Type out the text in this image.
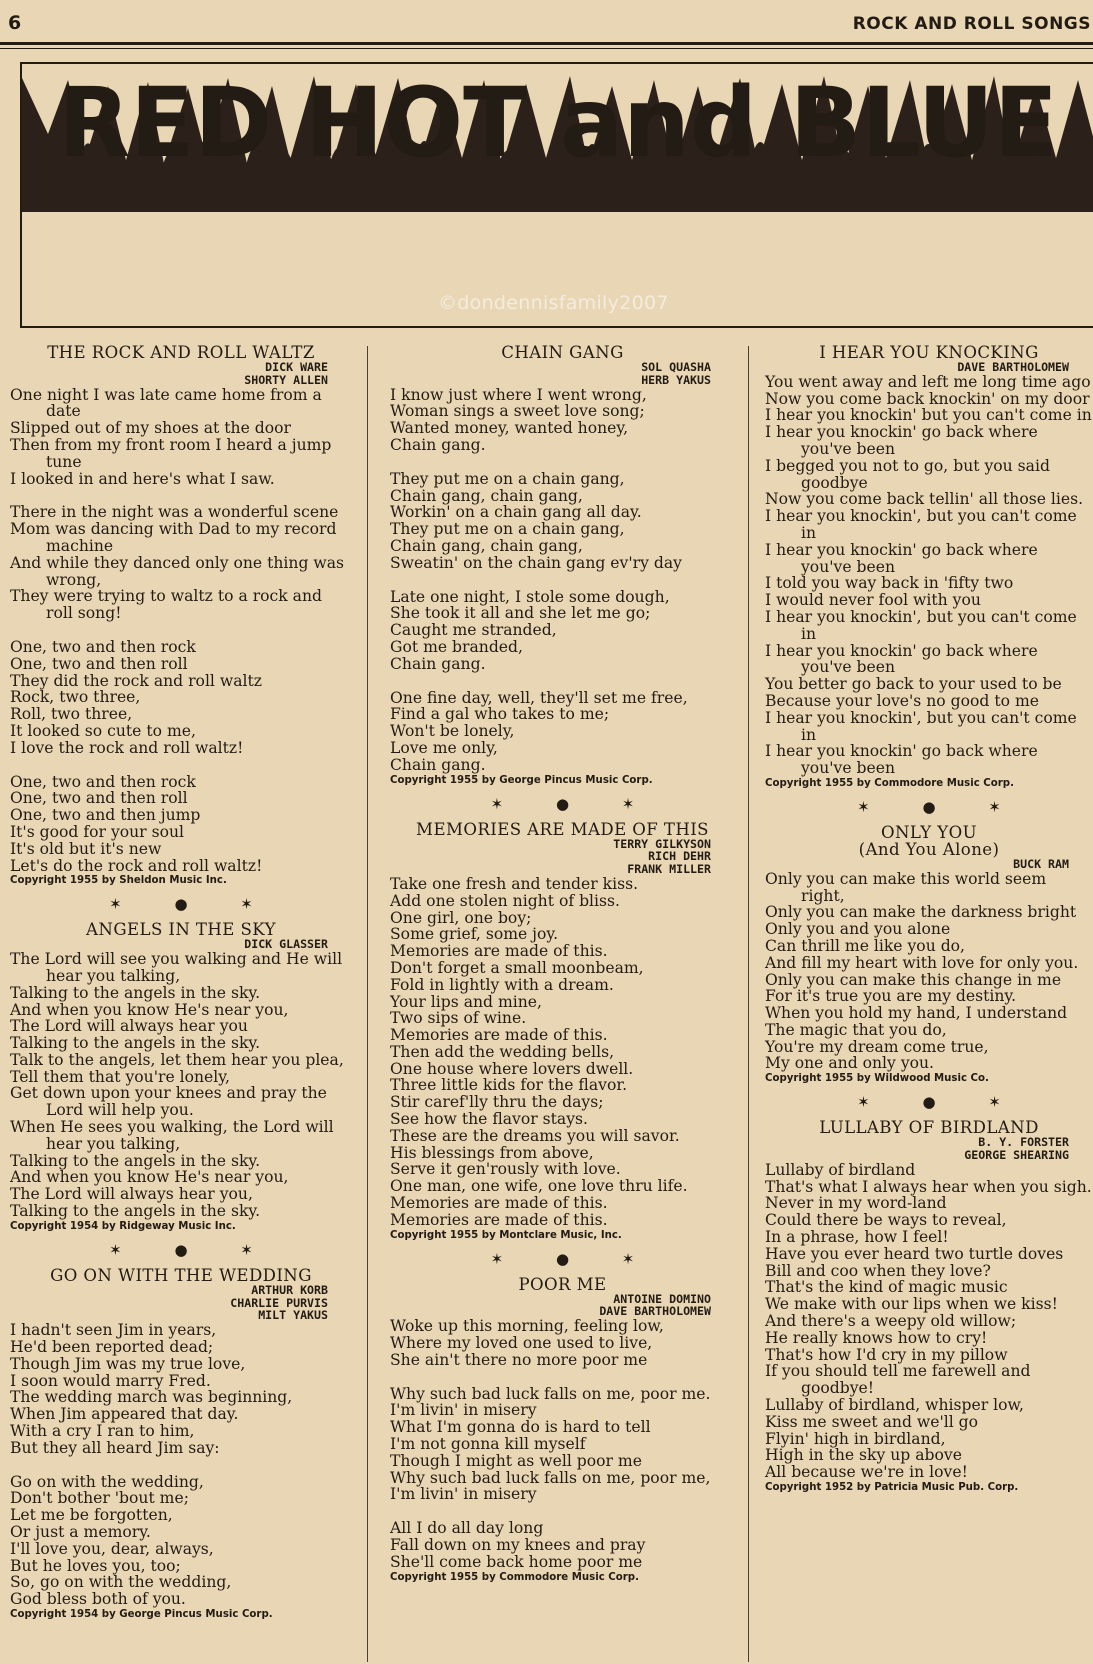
6	ROCK AND ROLL SONGS
RED HOT and BLUE
©dondennisfamily2007
THE ROCK AND ROLL WALTZ
DICK WARE
SHORTY ALLEN
One night I was late came home from a date
Slipped out of my shoes at the door
Then from my front room I heard a jump tune
I looked in and here's what I saw.
There in the night was a wonderful scene
Mom was dancing with Dad to my record machine
And while they danced only one thing was wrong,
They were trying to waltz to a rock and roll song!
One, two and then rock
One, two and then roll
They did the rock and roll waltz
Rock, two three,
Roll, two three,
It looked so cute to me,
I love the rock and roll waltz!
One, two and then rock
One, two and then roll
One, two and then jump
It's good for your soul
It's old but it's new
Let's do the rock and roll waltz!
Copyright 1955 by Sheldon Music Inc.
✶ ● ✶
ANGELS IN THE SKY
DICK GLASSER
The Lord will see you walking and He will hear you talking,
Talking to the angels in the sky.
And when you know He's near you,
The Lord will always hear you
Talking to the angels in the sky.
Talk to the angels, let them hear you plea,
Tell them that you're lonely,
Get down upon your knees and pray the Lord will help you.
When He sees you walking, the Lord will hear you talking,
Talking to the angels in the sky.
And when you know He's near you,
The Lord will always hear you,
Talking to the angels in the sky.
Copyright 1954 by Ridgeway Music Inc.
✶ ● ✶
GO ON WITH THE WEDDING
ARTHUR KORB
CHARLIE PURVIS
MILT YAKUS
I hadn't seen Jim in years,
He'd been reported dead;
Though Jim was my true love,
I soon would marry Fred.
The wedding march was beginning,
When Jim appeared that day.
With a cry I ran to him,
But they all heard Jim say:
Go on with the wedding,
Don't bother 'bout me;
Let me be forgotten,
Or just a memory.
I'll love you, dear, always,
But he loves you, too;
So, go on with the wedding,
God bless both of you.
Copyright 1954 by George Pincus Music Corp.
CHAIN GANG
SOL QUASHA
HERB YAKUS
I know just where I went wrong,
Woman sings a sweet love song;
Wanted money, wanted honey,
Chain gang.
They put me on a chain gang,
Chain gang, chain gang,
Workin' on a chain gang all day.
They put me on a chain gang,
Chain gang, chain gang,
Sweatin' on the chain gang ev'ry day
Late one night, I stole some dough,
She took it all and she let me go;
Caught me stranded,
Got me branded,
Chain gang.
One fine day, well, they'll set me free,
Find a gal who takes to me;
Won't be lonely,
Love me only,
Chain gang.
Copyright 1955 by George Pincus Music Corp.
✶ ● ✶
MEMORIES ARE MADE OF THIS
TERRY GILKYSON
RICH DEHR
FRANK MILLER
Take one fresh and tender kiss.
Add one stolen night of bliss.
One girl, one boy;
Some grief, some joy.
Memories are made of this.
Don't forget a small moonbeam,
Fold in lightly with a dream.
Your lips and mine,
Two sips of wine.
Memories are made of this.
Then add the wedding bells,
One house where lovers dwell.
Three little kids for the flavor.
Stir caref'lly thru the days;
See how the flavor stays.
These are the dreams you will savor.
His blessings from above,
Serve it gen'rously with love.
One man, one wife, one love thru life.
Memories are made of this.
Memories are made of this.
Copyright 1955 by Montclare Music, Inc.
✶ ● ✶
POOR ME
ANTOINE DOMINO
DAVE BARTHOLOMEW
Woke up this morning, feeling low,
Where my loved one used to live,
She ain't there no more poor me
Why such bad luck falls on me, poor me.
I'm livin' in misery
What I'm gonna do is hard to tell
I'm not gonna kill myself
Though I might as well poor me
Why such bad luck falls on me, poor me,
I'm livin' in misery
All I do all day long
Fall down on my knees and pray
She'll come back home poor me
Copyright 1955 by Commodore Music Corp.
I HEAR YOU KNOCKING
DAVE BARTHOLOMEW
You went away and left me long time ago
Now you come back knockin' on my door
I hear you knockin' but you can't come in
I hear you knockin' go back where you've been
I begged you not to go, but you said goodbye
Now you come back tellin' all those lies.
I hear you knockin', but you can't come in
I hear you knockin' go back where you've been
I told you way back in 'fifty two
I would never fool with you
I hear you knockin', but you can't come in
I hear you knockin' go back where you've been
You better go back to your used to be
Because your love's no good to me
I hear you knockin', but you can't come in
I hear you knockin' go back where you've been
Copyright 1955 by Commodore Music Corp.
✶ ● ✶
ONLY YOU
(And You Alone)
BUCK RAM
Only you can make this world seem right,
Only you can make the darkness bright
Only you and you alone
Can thrill me like you do,
And fill my heart with love for only you.
Only you can make this change in me
For it's true you are my destiny.
When you hold my hand, I understand
The magic that you do,
You're my dream come true,
My one and only you.
Copyright 1955 by Wildwood Music Co.
✶ ● ✶
LULLABY OF BIRDLAND
B. Y. FORSTER
GEORGE SHEARING
Lullaby of birdland
That's what I always hear when you sigh.
Never in my word-land
Could there be ways to reveal,
In a phrase, how I feel!
Have you ever heard two turtle doves
Bill and coo when they love?
That's the kind of magic music
We make with our lips when we kiss!
And there's a weepy old willow;
He really knows how to cry!
That's how I'd cry in my pillow
If you should tell me farewell and goodbye!
Lullaby of birdland, whisper low,
Kiss me sweet and we'll go
Flyin' high in birdland,
High in the sky up above
All because we're in love!
Copyright 1952 by Patricia Music Pub. Corp.
